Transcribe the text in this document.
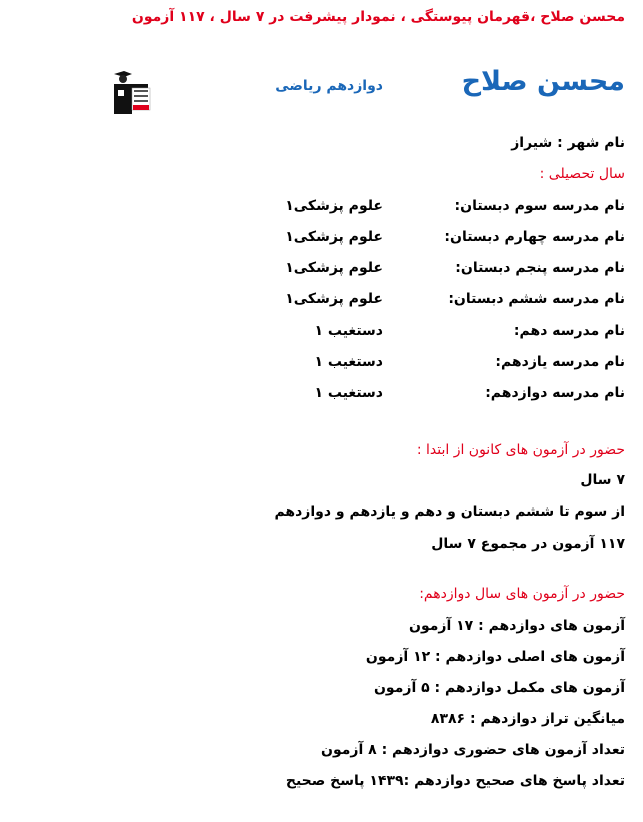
محسن صلاح ،قهرمان پیوستگی ، نمودار پیشرفت در ۷ سال ، ۱۱۷ آزمون
محسن صلاح
دوازدهم ریاضی
نام شهر : شیراز
سال تحصیلی :
نام مدرسه سوم دبستان:
علوم پزشکی۱
نام مدرسه چهارم دبستان:
علوم پزشکی۱
نام مدرسه پنجم دبستان:
علوم پزشکی۱
نام مدرسه ششم دبستان:
علوم پزشکی۱
نام مدرسه دهم:
دستغیب ۱
نام مدرسه یازدهم:
دستغیب ۱
نام مدرسه دوازدهم:
دستغیب ۱
حضور در آزمون های کانون از ابتدا :
۷ سال
از سوم تا ششم دبستان و دهم و یازدهم و دوازدهم
۱۱۷ آزمون در مجموع ۷ سال
حضور در آزمون های سال دوازدهم:
آزمون های دوازدهم : ۱۷ آزمون
آزمون های اصلی دوازدهم : ۱۲ آزمون
آزمون های مکمل دوازدهم : ۵ آزمون
میانگین تراز دوازدهم : ۸۳۸۶
تعداد آزمون های حضوری دوازدهم : ۸ آزمون
تعداد پاسخ های صحیح دوازدهم :۱۴۳۹ پاسخ صحیح
